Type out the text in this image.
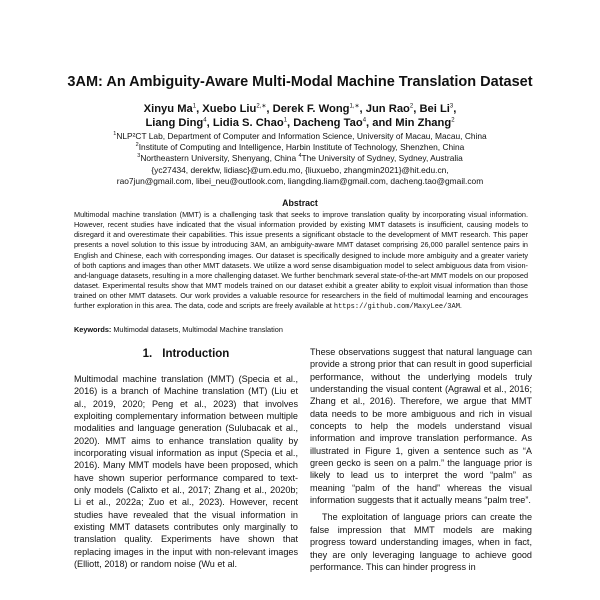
3AM: An Ambiguity-Aware Multi-Modal Machine Translation Dataset
Xinyu Ma$^1$, Xuebo Liu$^{2,∗}$, Derek F. Wong$^{1,∗}$, Jun Rao$^2$, Bei Li$^3$,
Liang Ding$^4$, Lidia S. Chao$^1$, Dacheng Tao$^4$, and Min Zhang$^2$
$^1$NLP²CT Lab, Department of Computer and Information Science, University of Macau, Macau, China
$^2$Institute of Computing and Intelligence, Harbin Institute of Technology, Shenzhen, China
$^3$Northeastern University, Shenyang, China $^4$The University of Sydney, Sydney, Australia
{yc27434, derekfw, lidiasc}@um.edu.mo, {liuxuebo, zhangmin2021}@hit.edu.cn,
rao7jun@gmail.com, libei_neu@outlook.com, liangding.liam@gmail.com, dacheng.tao@gmail.com
Abstract
Multimodal machine translation (MMT) is a challenging task that seeks to improve translation quality by incorporating visual information. However, recent studies have indicated that the visual information provided by existing MMT datasets is insufficient, causing models to disregard it and overestimate their capabilities. This issue presents a significant obstacle to the development of MMT research. This paper presents a novel solution to this issue by introducing 3AM, an ambiguity-aware MMT dataset comprising 26,000 parallel sentence pairs in English and Chinese, each with corresponding images. Our dataset is specifically designed to include more ambiguity and a greater variety of both captions and images than other MMT datasets. We utilize a word sense disambiguation model to select ambiguous data from vision-and-language datasets, resulting in a more challenging dataset. We further benchmark several state-of-the-art MMT models on our proposed dataset. Experimental results show that MMT models trained on our dataset exhibit a greater ability to exploit visual information than those trained on other MMT datasets. Our work provides a valuable resource for researchers in the field of multimodal learning and encourages further exploration in this area. The data, code and scripts are freely available at https://github.com/MaxyLee/3AM.
Keywords: Multimodal datasets, Multimodal Machine translation
1. Introduction

Multimodal machine translation (MMT) (Specia et al., 2016) is a branch of Machine translation (MT) (Liu et al., 2019, 2020; Peng et al., 2023) that involves exploiting complementary information between multiple modalities and language generation (Sulubacak et al., 2020). MMT aims to enhance translation quality by incorporating visual information as input (Specia et al., 2016). Many MMT models have been proposed, which have shown superior performance compared to text-only models (Calixto et al., 2017; Zhang et al., 2020b; Li et al., 2022a; Zuo et al., 2023). However, recent studies have revealed that the visual information in existing MMT datasets contributes only marginally to translation quality. Experiments have shown that replacing images in the input with non-relevant images (Elliott, 2018) or random noise (Wu et al.

These observations suggest that natural language can provide a strong prior that can result in good superficial performance, without the underlying models truly understanding the visual content (Agrawal et al., 2016; Zhang et al., 2016). Therefore, we argue that MMT data needs to be more ambiguous and rich in visual concepts to help the models understand visual information and improve translation performance. As illustrated in Figure 1, given a sentence such as “A green gecko is seen on a palm.” the language prior is likely to lead us to interpret the word “palm” as meaning “palm of the hand” whereas the visual information suggests that it actually means “palm tree”.

The exploitation of language priors can create the false impression that MMT models are making progress toward understanding images, when in fact, they are only leveraging language to achieve good performance. This can hinder progress in
